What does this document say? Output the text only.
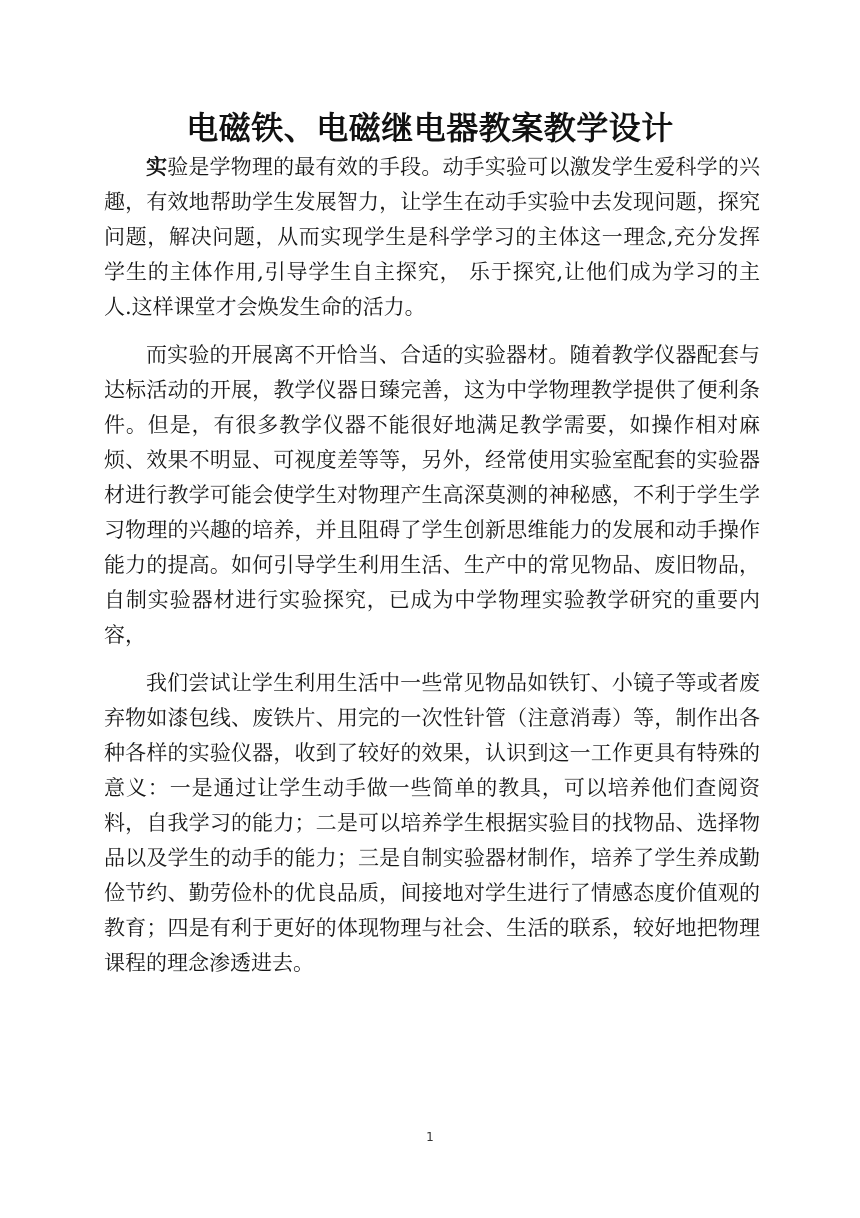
电磁铁、电磁继电器教案教学设计

实验是学物理的最有效的手段。动手实验可以激发学生爱科学的兴趣，有效地帮助学生发展智力，让学生在动手实验中去发现问题，探究问题，解决问题，从而实现学生是科学学习的主体这一理念,充分发挥学生的主体作用,引导学生自主探究， 乐于探究,让他们成为学习的主人.这样课堂才会焕发生命的活力。

而实验的开展离不开恰当、合适的实验器材。随着教学仪器配套与达标活动的开展，教学仪器日臻完善，这为中学物理教学提供了便利条件。但是，有很多教学仪器不能很好地满足教学需要，如操作相对麻烦、效果不明显、可视度差等等，另外，经常使用实验室配套的实验器材进行教学可能会使学生对物理产生高深莫测的神秘感，不利于学生学习物理的兴趣的培养，并且阻碍了学生创新思维能力的发展和动手操作能力的提高。如何引导学生利用生活、生产中的常见物品、废旧物品，自制实验器材进行实验探究，已成为中学物理实验教学研究的重要内容，

我们尝试让学生利用生活中一些常见物品如铁钉、小镜子等或者废弃物如漆包线、废铁片、用完的一次性针管（注意消毒）等，制作出各种各样的实验仪器，收到了较好的效果，认识到这一工作更具有特殊的意义：一是通过让学生动手做一些简单的教具，可以培养他们查阅资料，自我学习的能力；二是可以培养学生根据实验目的找物品、选择物品以及学生的动手的能力；三是自制实验器材制作，培养了学生养成勤俭节约、勤劳俭朴的优良品质，间接地对学生进行了情感态度价值观的教育；四是有利于更好的体现物理与社会、生活的联系，较好地把物理课程的理念渗透进去。

1
